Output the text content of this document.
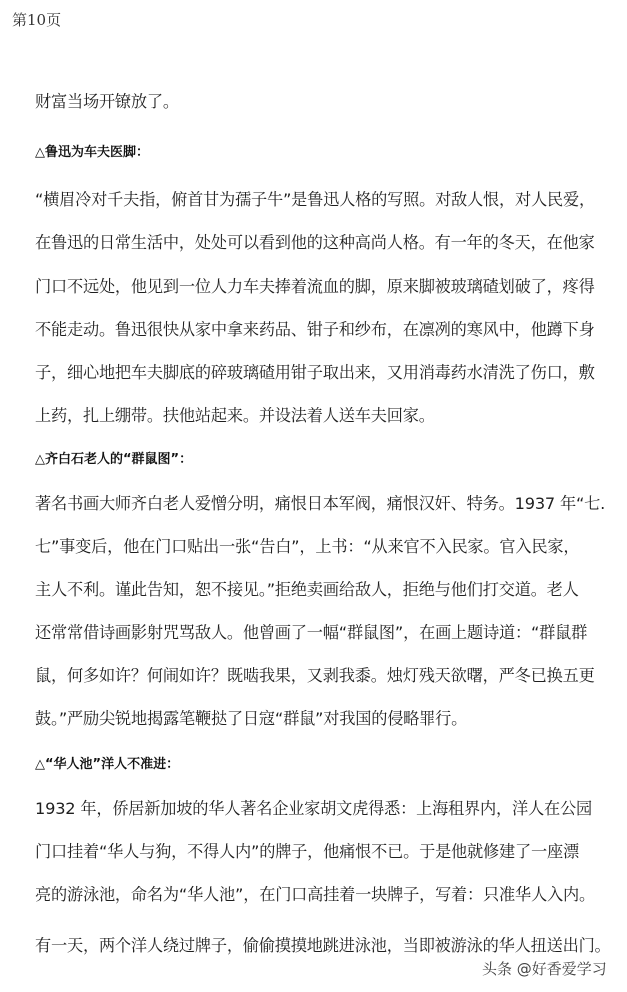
第10页
财富当场开镣放了。
△鲁迅为车夫医脚：
“横眉冷对千夫指，俯首甘为孺子牛”是鲁迅人格的写照。对敌人恨，对人民爱，
在鲁迅的日常生活中，处处可以看到他的这种高尚人格。有一年的冬天，在他家
门口不远处，他见到一位人力车夫捧着流血的脚，原来脚被玻璃碴划破了，疼得
不能走动。鲁迅很快从家中拿来药品、钳子和纱布，在凛冽的寒风中，他蹲下身
子，细心地把车夫脚底的碎玻璃碴用钳子取出来，又用消毒药水清洗了伤口，敷
上药，扎上绷带。扶他站起来。并设法着人送车夫回家。
△齐白石老人的“群鼠图”：
著名书画大师齐白老人爱憎分明，痛恨日本军阀，痛恨汉奸、特务。1937 年“七.
七”事变后，他在门口贴出一张“告白”，上书：“从来官不入民家。官入民家，
主人不利。谨此告知，恕不接见。”拒绝卖画给敌人，拒绝与他们打交道。老人
还常常借诗画影射咒骂敌人。他曾画了一幅“群鼠图”，在画上题诗道：“群鼠群
鼠，何多如许？何闹如许？既啮我果，又剥我黍。烛灯残天欲曙，严冬已换五更
鼓。”严励尖锐地揭露笔鞭挞了日寇“群鼠”对我国的侵略罪行。
△“华人池”洋人不准进：
1932 年，侨居新加坡的华人著名企业家胡文虎得悉：上海租界内，洋人在公园
门口挂着“华人与狗，不得人内”的牌子，他痛恨不已。于是他就修建了一座漂
亮的游泳池，命名为“华人池”，在门口高挂着一块牌子，写着：只准华人入内。
有一天，两个洋人绕过牌子，偷偷摸摸地跳进泳池，当即被游泳的华人扭送出门。
头条 @好香爱学习
